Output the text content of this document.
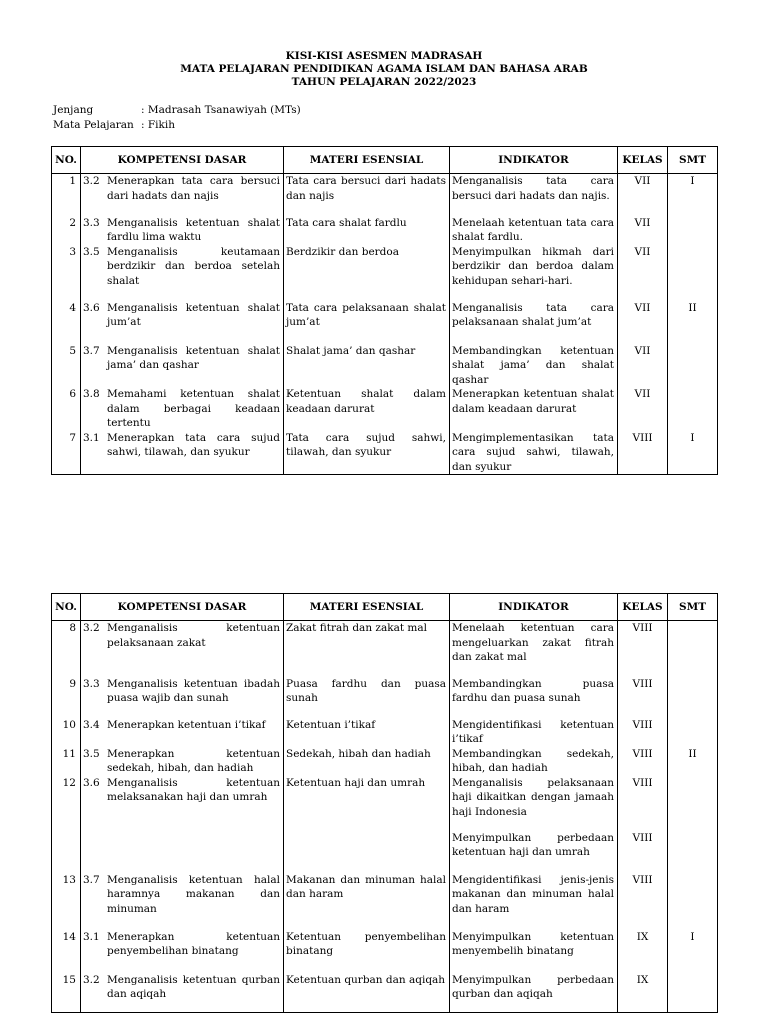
KISI-KISI ASESMEN MADRASAH
MATA PELAJARAN PENDIDIKAN AGAMA ISLAM DAN BAHASA ARAB
TAHUN PELAJARAN 2022/2023
Jenjang	: Madrasah Tsanawiyah (MTs)
Mata Pelajaran : Fikih
NO.	KOMPETENSI DASAR	MATERI ESENSIAL	INDIKATOR	KELAS	SMT
1	3.2 Menerapkan tata cara bersuci dari hadats dan najis	Tata cara bersuci dari hadats dan najis	Menganalisis tata cara bersuci dari hadats dan najis.	VII	I
2	3.3 Menganalisis ketentuan shalat fardlu lima waktu	Tata cara shalat fardlu	Menelaah ketentuan tata cara shalat fardlu.	VII	
3	3.5 Menganalisis keutamaan berdzikir dan berdoa setelah shalat	Berdzikir dan berdoa	Menyimpulkan hikmah dari berdzikir dan berdoa dalam kehidupan sehari-hari.	VII	
4	3.6 Menganalisis ketentuan shalat jum’at	Tata cara pelaksanaan shalat jum’at	Menganalisis tata cara pelaksanaan shalat jum’at	VII	II
5	3.7 Menganalisis ketentuan shalat jama’ dan qashar	Shalat jama’ dan qashar	Membandingkan ketentuan shalat jama’ dan shalat qashar	VII	
6	3.8 Memahami ketentuan shalat dalam berbagai keadaan tertentu	Ketentuan shalat dalam keadaan darurat	Menerapkan ketentuan shalat dalam keadaan darurat	VII	
7	3.1 Menerapkan tata cara sujud sahwi, tilawah, dan syukur	Tata cara sujud sahwi, tilawah, dan syukur	Mengimplementasikan tata cara sujud sahwi, tilawah, dan syukur	VIII	I
NO.	KOMPETENSI DASAR	MATERI ESENSIAL	INDIKATOR	KELAS	SMT
8	3.2 Menganalisis ketentuan pelaksanaan zakat	Zakat fitrah dan zakat mal	Menelaah ketentuan cara mengeluarkan zakat fitrah dan zakat mal	VIII	
9	3.3 Menganalisis ketentuan ibadah puasa wajib dan sunah	Puasa fardhu dan puasa sunah	Membandingkan puasa fardhu dan puasa sunah	VIII	
10	3.4 Menerapkan ketentuan i’tikaf	Ketentuan i’tikaf	Mengidentifikasi ketentuan i’tikaf	VIII	
11	3.5 Menerapkan ketentuan sedekah, hibah, dan hadiah	Sedekah, hibah dan hadiah	Membandingkan sedekah, hibah, dan hadiah	VIII	II
12	3.6 Menganalisis ketentuan melaksanakan haji dan umrah	Ketentuan haji dan umrah	Menganalisis pelaksanaan haji dikaitkan dengan jamaah haji Indonesia	VIII	

		Menyimpulkan perbedaan ketentuan haji dan umrah	VIII	
13	3.7 Menganalisis ketentuan halal haramnya makanan dan minuman	Makanan dan minuman halal dan haram	Mengidentifikasi jenis-jenis makanan dan minuman halal dan haram	VIII	
14	3.1 Menerapkan ketentuan penyembelihan binatang	Ketentuan penyembelihan binatang	Menyimpulkan ketentuan menyembelih binatang	IX	I
15	3.2 Menganalisis ketentuan qurban dan aqiqah	Ketentuan qurban dan aqiqah	Menyimpulkan perbedaan qurban dan aqiqah	IX	
